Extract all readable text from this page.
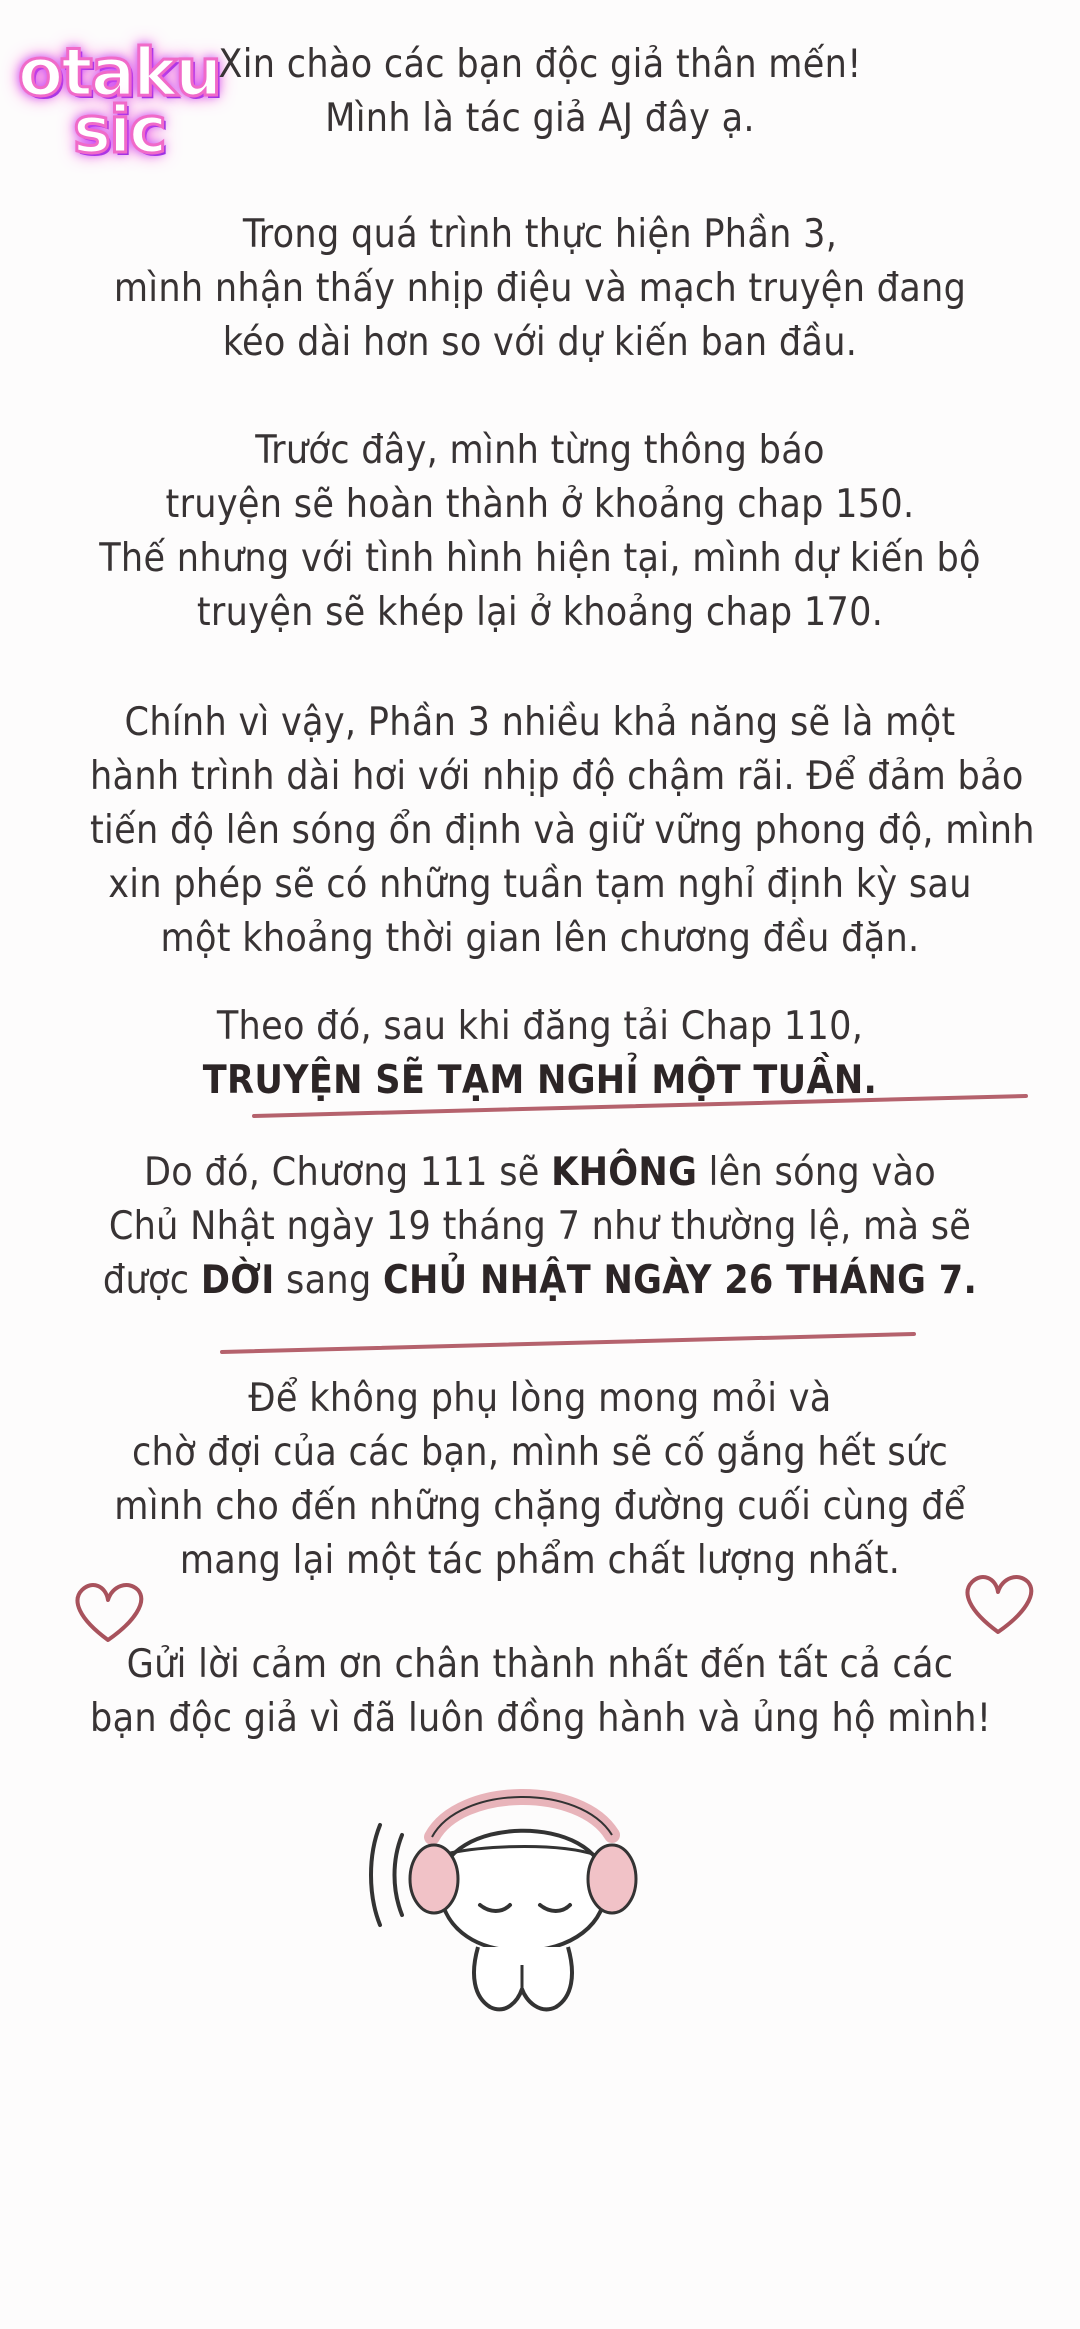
otaku
sic
Xin chào các bạn độc giả thân mến!
Mình là tác giả AJ đây ạ.
Trong quá trình thực hiện Phần 3,
mình nhận thấy nhịp điệu và mạch truyện đang
kéo dài hơn so với dự kiến ban đầu.
Trước đây, mình từng thông báo
truyện sẽ hoàn thành ở khoảng chap 150.
Thế nhưng với tình hình hiện tại, mình dự kiến bộ
truyện sẽ khép lại ở khoảng chap 170.
Chính vì vậy, Phần 3 nhiều khả năng sẽ là một
hành trình dài hơi với nhịp độ chậm rãi. Để đảm bảo
tiến độ lên sóng ổn định và giữ vững phong độ, mình
xin phép sẽ có những tuần tạm nghỉ định kỳ sau
một khoảng thời gian lên chương đều đặn.
Theo đó, sau khi đăng tải Chap 110,
TRUYỆN SẼ TẠM NGHỈ MỘT TUẦN.
Do đó, Chương 111 sẽ KHÔNG lên sóng vào
Chủ Nhật ngày 19 tháng 7 như thường lệ, mà sẽ
được DỜI sang CHỦ NHẬT NGÀY 26 THÁNG 7.
Để không phụ lòng mong mỏi và
chờ đợi của các bạn, mình sẽ cố gắng hết sức
mình cho đến những chặng đường cuối cùng để
mang lại một tác phẩm chất lượng nhất.
Gửi lời cảm ơn chân thành nhất đến tất cả các
bạn độc giả vì đã luôn đồng hành và ủng hộ mình!
